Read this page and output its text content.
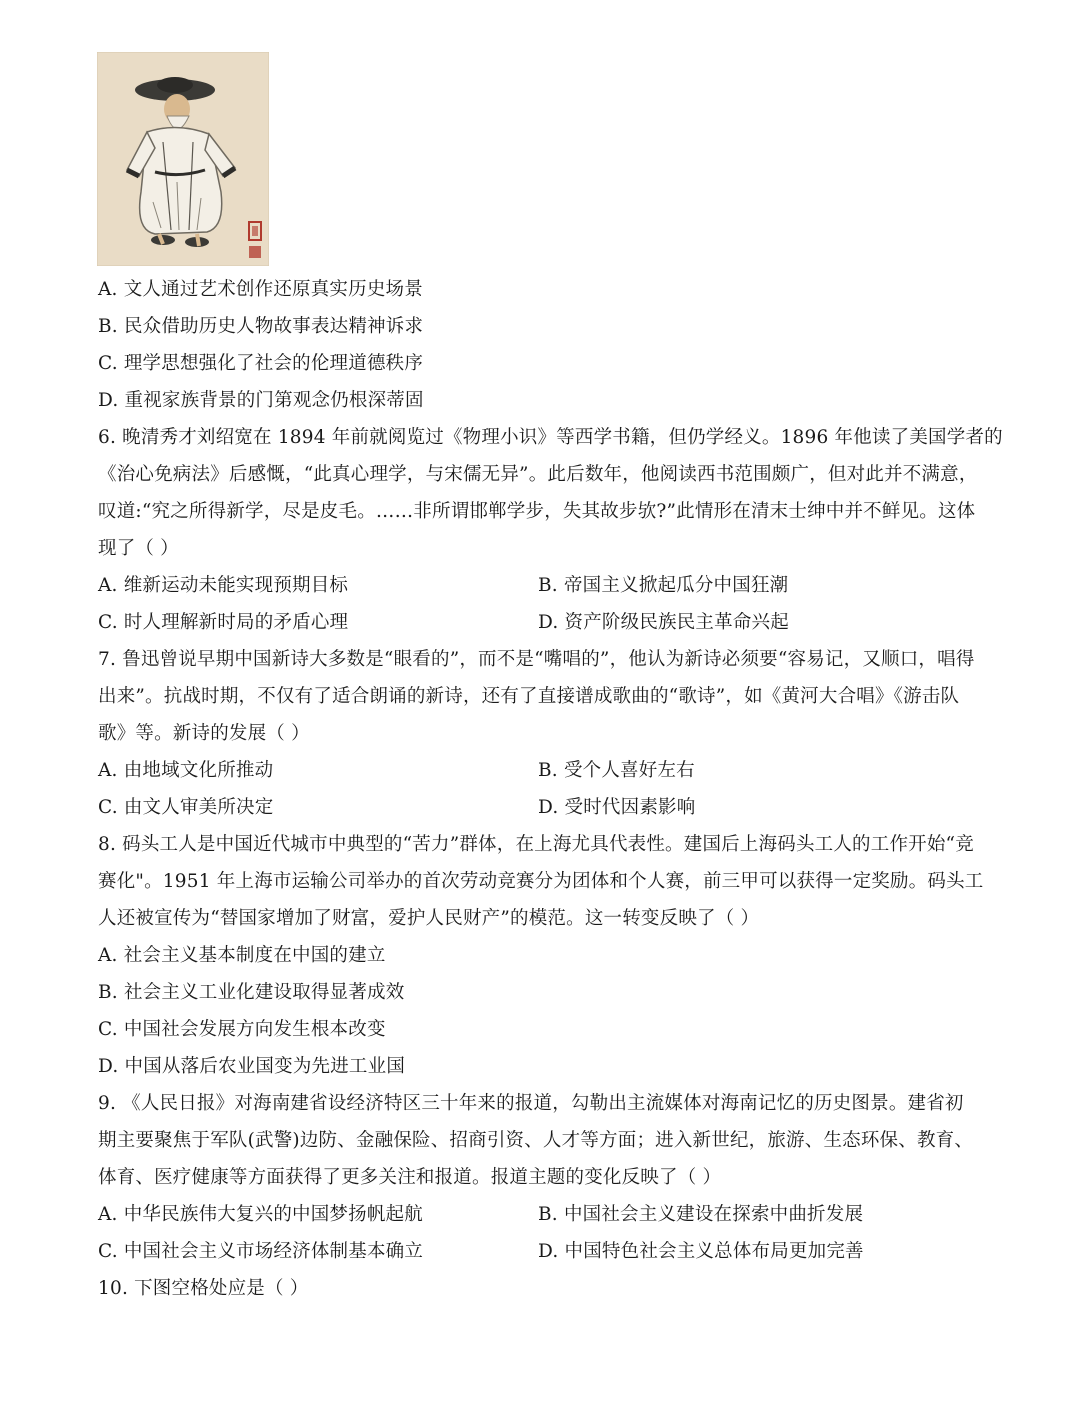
A. 文人通过艺术创作还原真实历史场景
B. 民众借助历史人物故事表达精神诉求
C. 理学思想强化了社会的伦理道德秩序
D. 重视家族背景的门第观念仍根深蒂固
6. 晚清秀才刘绍宽在 1894 年前就阅览过《物理小识》等西学书籍，但仍学经义。1896 年他读了美国学者的
《治心免病法》后感慨，“此真心理学，与宋儒无异”。此后数年，他阅读西书范围颇广，但对此并不满意，
叹道:“究之所得新学，尽是皮毛。……非所谓邯郸学步，失其故步欤?”此情形在清末士绅中并不鲜见。这体
现了（ ）
A. 维新运动未能实现预期目标	B. 帝国主义掀起瓜分中国狂潮
C. 时人理解新时局的矛盾心理	D. 资产阶级民族民主革命兴起
7. 鲁迅曾说早期中国新诗大多数是“眼看的”，而不是“嘴唱的”，他认为新诗必须要“容易记，又顺口，唱得
出来”。抗战时期，不仅有了适合朗诵的新诗，还有了直接谱成歌曲的“歌诗”，如《黄河大合唱》《游击队
歌》等。新诗的发展（ ）
A. 由地域文化所推动	B. 受个人喜好左右
C. 由文人审美所决定	D. 受时代因素影响
8. 码头工人是中国近代城市中典型的“苦力”群体，在上海尤具代表性。建国后上海码头工人的工作开始“竞
赛化"。1951 年上海市运输公司举办的首次劳动竞赛分为团体和个人赛，前三甲可以获得一定奖励。码头工
人还被宣传为“替国家增加了财富，爱护人民财产”的模范。这一转变反映了（ ）
A. 社会主义基本制度在中国的建立
B. 社会主义工业化建设取得显著成效
C. 中国社会发展方向发生根本改变
D. 中国从落后农业国变为先进工业国
9. 《人民日报》对海南建省设经济特区三十年来的报道，勾勒出主流媒体对海南记忆的历史图景。建省初
期主要聚焦于军队(武警)边防、金融保险、招商引资、人才等方面；进入新世纪，旅游、生态环保、教育、
体育、医疗健康等方面获得了更多关注和报道。报道主题的变化反映了（ ）
A. 中华民族伟大复兴的中国梦扬帆起航	B. 中国社会主义建设在探索中曲折发展
C. 中国社会主义市场经济体制基本确立	D. 中国特色社会主义总体布局更加完善
10. 下图空格处应是（ ）
